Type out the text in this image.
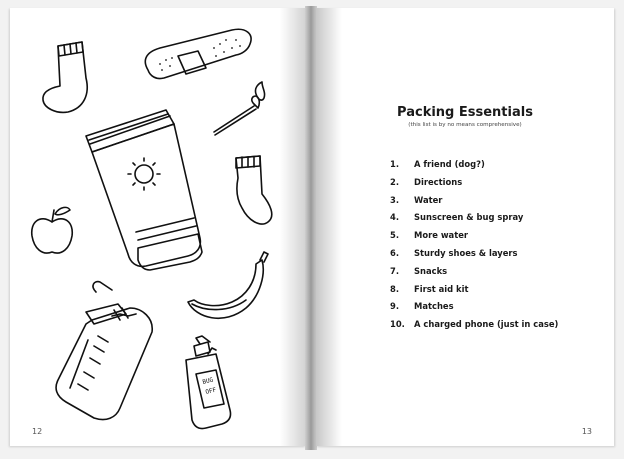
BUG
OFF
12
Packing Essentials
(this list is by no means comprehensive)
1. A friend (dog?)
2. Directions
3. Water
4. Sunscreen & bug spray
5. More water
6. Sturdy shoes & layers
7. Snacks
8. First aid kit
9. Matches
10. A charged phone (just in case)
13
